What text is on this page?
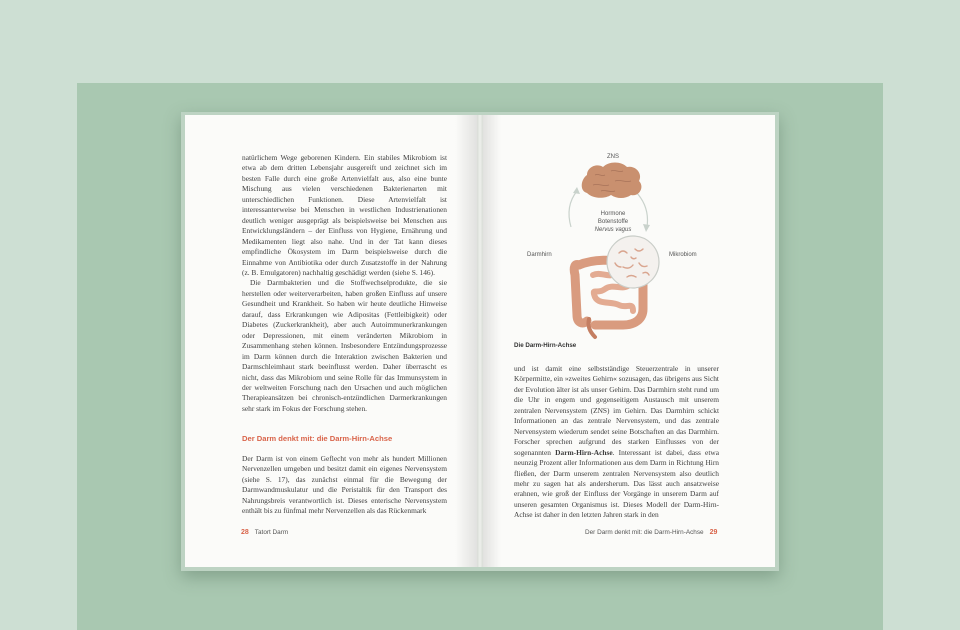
natürlichem Wege geborenen Kindern. Ein stabiles Mikrobiom ist etwa ab dem dritten Lebensjahr ausgereift und zeichnet sich im besten Falle durch eine große Artenvielfalt aus, also eine bunte Mischung aus vielen verschiedenen Bakterienarten mit unterschiedlichen Funktionen. Diese Artenvielfalt ist interessanterweise bei Menschen in westlichen Industrienationen deutlich weniger ausgeprägt als beispielsweise bei Menschen aus Entwicklungsländern – der Einfluss von Hygiene, Ernährung und Medikamenten liegt also nahe. Und in der Tat kann dieses empfindliche Ökosystem im Darm beispielsweise durch die Einnahme von Antibiotika oder durch Zusatzstoffe in der Nahrung (z. B. Emulgatoren) nachhaltig geschädigt werden (siehe S. 146).

Die Darmbakterien und die Stoffwechselprodukte, die sie herstellen oder weiterverarbeiten, haben großen Einfluss auf unsere Gesundheit und Krankheit. So haben wir heute deutliche Hinweise darauf, dass Erkrankungen wie Adipositas (Fettleibigkeit) oder Diabetes (Zuckerkrankheit), aber auch Autoimmunerkrankungen oder Depressionen, mit einem veränderten Mikrobiom in Zusammenhang stehen können. Insbesondere Entzündungsprozesse im Darm können durch die Interaktion zwischen Bakterien und Darmschleimhaut stark beeinflusst werden. Daher überrascht es nicht, dass das Mikrobiom und seine Rolle für das Immunsystem in der weltweiten Forschung nach den Ursachen und auch möglichen Therapieansätzen bei chronisch-entzündlichen Darmerkrankungen sehr stark im Fokus der Forschung stehen.

Der Darm denkt mit: die Darm-Hirn-Achse

Der Darm ist von einem Geflecht von mehr als hundert Millionen Nervenzellen umgeben und besitzt damit ein eigenes Nervensystem (siehe S. 17), das zunächst einmal für die Bewegung der Darmwandmuskulatur und die Peristaltik für den Transport des Nahrungsbreis verantwortlich ist. Dieses enterische Nervensystem enthält bis zu fünfmal mehr Nervenzellen als das Rückenmark

28 Tatort Darm
ZNS
Hormone
Botenstoffe
Nervus vagus
Darmhirn	Mikrobiom
Die Darm-Hirn-Achse

und ist damit eine selbstständige Steuerzentrale in unserer Körpermitte, ein »zweites Gehirn« sozusagen, das übrigens aus Sicht der Evolution älter ist als unser Gehirn. Das Darmhirn steht rund um die Uhr in engem und gegenseitigem Austausch mit unserem zentralen Nervensystem (ZNS) im Gehirn. Das Darmhirn schickt Informationen an das zentrale Nervensystem, und das zentrale Nervensystem wiederum sendet seine Botschaften an das Darmhirn. Forscher sprechen aufgrund des starken Einflusses von der sogenannten Darm-Hirn-Achse. Interessant ist dabei, dass etwa neunzig Prozent aller Informationen aus dem Darm in Richtung Hirn fließen, der Darm unserem zentralen Nervensystem also deutlich mehr zu sagen hat als andersherum. Das lässt auch ansatzweise erahnen, wie groß der Einfluss der Vorgänge in unserem Darm auf unseren gesamten Organismus ist. Dieses Modell der Darm-Hirn-Achse ist daher in den letzten Jahren stark in den

Der Darm denkt mit: die Darm-Hirn-Achse 29
